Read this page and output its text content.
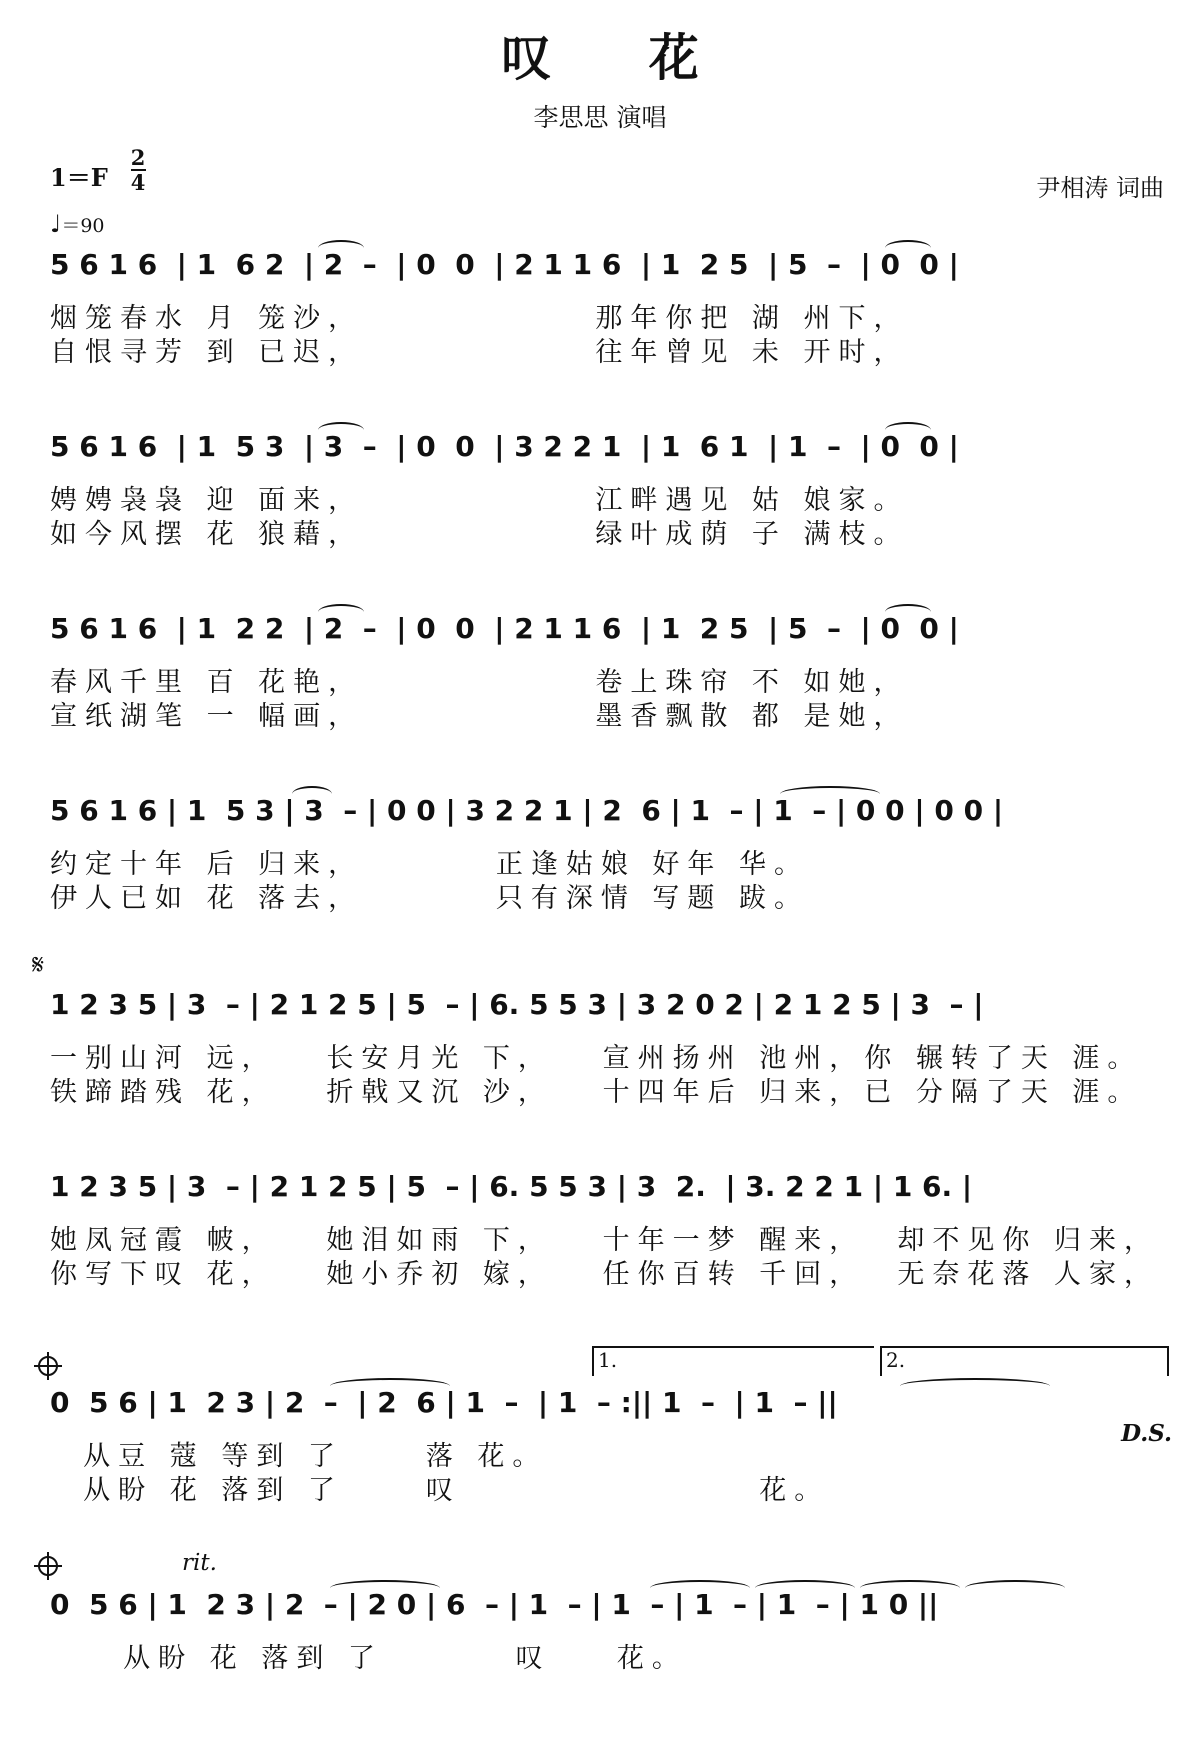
叹 花
李思思 演唱
尹相涛 词曲
1＝F
2
4
♩＝90
5 6 1 6  | 1  6 2  | 2  –  | 0  0  | 2 1 1 6  | 1  2 5  | 5  –  | 0  0 |
烟笼春水 月 笼沙，              那年你把 湖 州下，
自恨寻芳 到 已迟，              往年曾见 未 开时，
5 6 1 6  | 1  5 3  | 3  –  | 0  0  | 3 2 2 1  | 1  6 1  | 1  –  | 0  0 |
娉娉袅袅 迎 面来，              江畔遇见 姑 娘家。
如今风摆 花 狼藉，              绿叶成荫 子 满枝。
5 6 1 6  | 1  2 2  | 2  –  | 0  0  | 2 1 1 6  | 1  2 5  | 5  –  | 0  0 |
春风千里 百 花艳，              卷上珠帘 不 如她，
宣纸湖笔 一 幅画，              墨香飘散 都 是她，
5 6 1 6 | 1  5 3 | 3  – | 0 0 | 3 2 2 1 | 2  6 | 1  – | 1  – | 0 0 | 0 0 |
约定十年 后 归来，        正逢姑娘 好年 华。
伊人已如 花 落去，        只有深情 写题 跋。
𝄋
1 2 3 5 | 3  – | 2 1 2 5 | 5  – | 6. 5 5 3 | 3 2 0 2 | 2 1 2 5 | 3  – |
一别山河 远，   长安月光 下，   宣州扬州 池州，你 辗转了天 涯。
铁蹄踏残 花，   折戟又沉 沙，   十四年后 归来，已 分隔了天 涯。
1 2 3 5 | 3  – | 2 1 2 5 | 5  – | 6. 5 5 3 | 3  2.  | 3. 2 2 1 | 1 6. |
她凤冠霞 帔，   她泪如雨 下，   十年一梦 醒来，  却不见你 归来，
你写下叹 花，   她小乔初 嫁，   任你百转 千回，  无奈花落 人家，
1.	2.
0  5 6 | 1  2 3 | 2  –  | 2  6 | 1  –  | 1  – :|| 1  –  | 1  – ||
从豆 蔻 等到 了     落 花。
从盼 花 落到 了     叹                  花。
D.S.
rit.
0  5 6 | 1  2 3 | 2  – | 2 0 | 6  – | 1  – | 1  – | 1  – | 1  – | 1 0 ||
从盼 花 落到 了        叹    花。
